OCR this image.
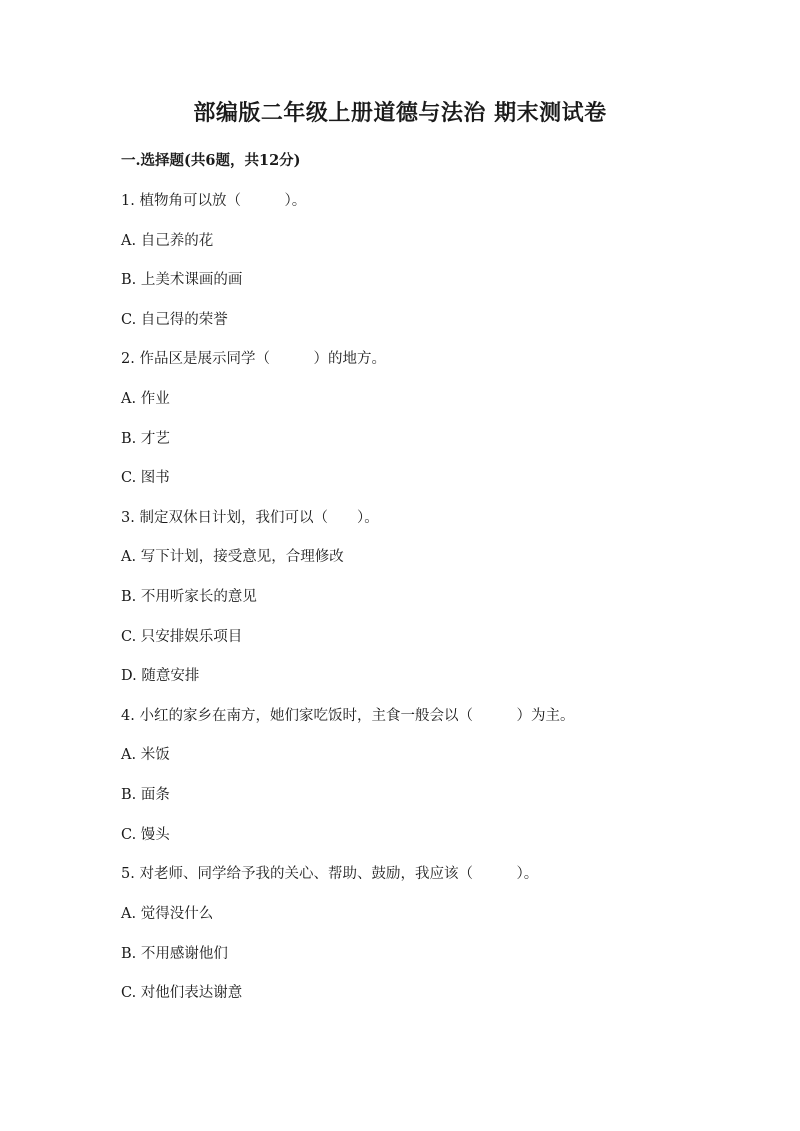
部编版二年级上册道德与法治 期末测试卷
一.选择题(共6题，共12分)
1. 植物角可以放（　　　）。
A. 自己养的花
B. 上美术课画的画
C. 自己得的荣誉
2. 作品区是展示同学（　　　）的地方。
A. 作业
B. 才艺
C. 图书
3. 制定双休日计划，我们可以（　　）。
A. 写下计划，接受意见，合理修改
B. 不用听家长的意见
C. 只安排娱乐项目
D. 随意安排
4. 小红的家乡在南方，她们家吃饭时，主食一般会以（　　　）为主。
A. 米饭
B. 面条
C. 馒头
5. 对老师、同学给予我的关心、帮助、鼓励，我应该（　　　）。
A. 觉得没什么
B. 不用感谢他们
C. 对他们表达谢意
